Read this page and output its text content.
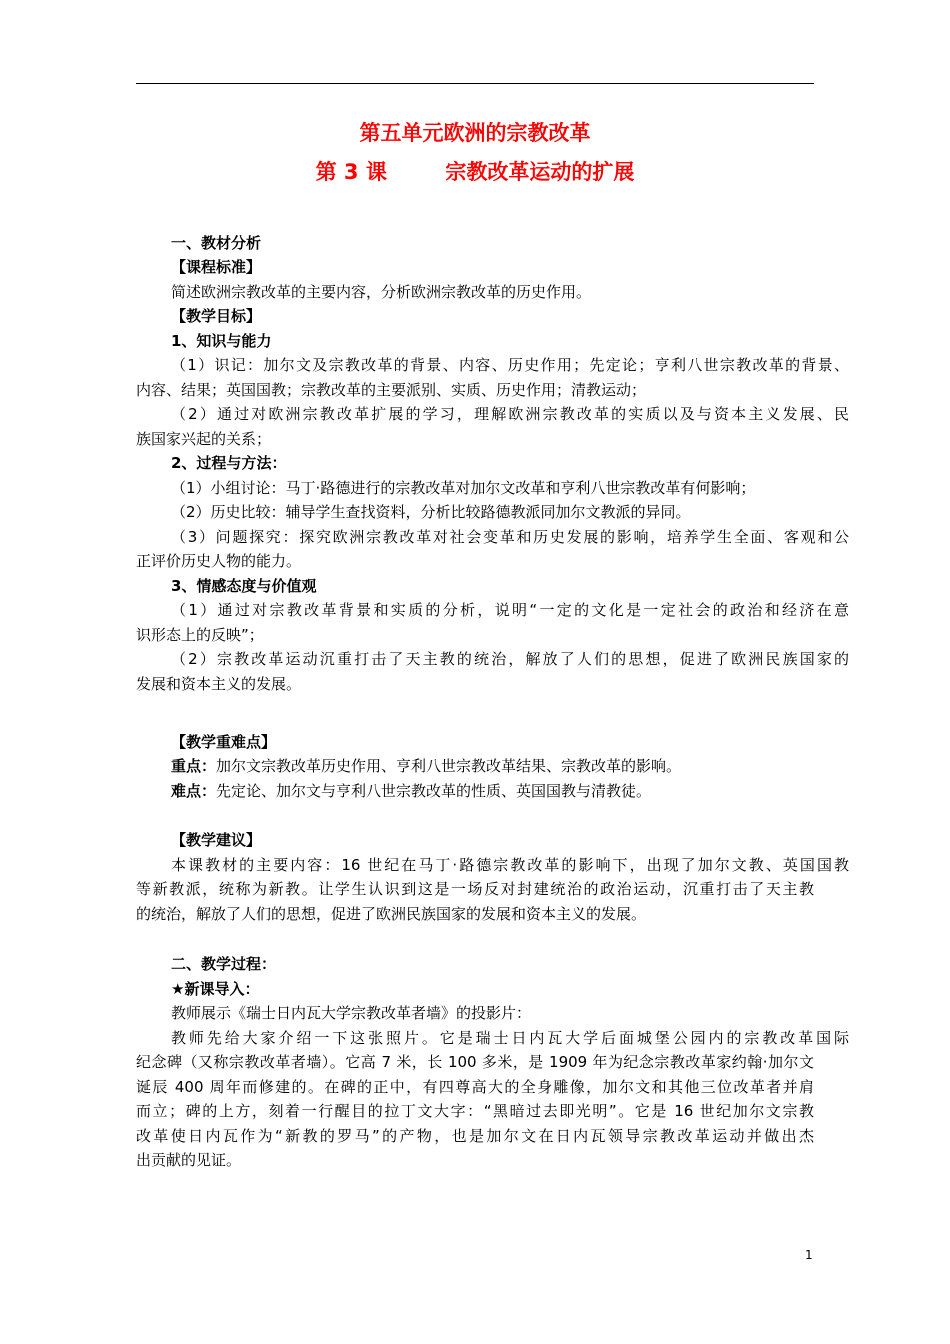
第五单元欧洲的宗教改革
第 3 课        宗教改革运动的扩展
一、教材分析
【课程标准】
简述欧洲宗教改革的主要内容，分析欧洲宗教改革的历史作用。
【教学目标】
1、知识与能力
（1）识记：加尔文及宗教改革的背景、内容、历史作用；先定论；亨利八世宗教改革的背景、
内容、结果；英国国教；宗教改革的主要派别、实质、历史作用；清教运动；
（2）通过对欧洲宗教改革扩展的学习，理解欧洲宗教改革的实质以及与资本主义发展、民
族国家兴起的关系；
2、过程与方法：
（1）小组讨论：马丁·路德进行的宗教改革对加尔文改革和亨利八世宗教改革有何影响；
（2）历史比较：辅导学生查找资料，分析比较路德教派同加尔文教派的异同。
（3）问题探究：探究欧洲宗教改革对社会变革和历史发展的影响，培养学生全面、客观和公
正评价历史人物的能力。
3、情感态度与价值观
（1）通过对宗教改革背景和实质的分析，说明“一定的文化是一定社会的政治和经济在意
识形态上的反映”；
（2）宗教改革运动沉重打击了天主教的统治，解放了人们的思想，促进了欧洲民族国家的
发展和资本主义的发展。
【教学重难点】
重点：加尔文宗教改革历史作用、亨利八世宗教改革结果、宗教改革的影响。
难点：先定论、加尔文与亨利八世宗教改革的性质、英国国教与清教徒。
【教学建议】
本课教材的主要内容：16 世纪在马丁·路德宗教改革的影响下，出现了加尔文教、英国国教
等新教派，统称为新教。让学生认识到这是一场反对封建统治的政治运动，沉重打击了天主教
的统治，解放了人们的思想，促进了欧洲民族国家的发展和资本主义的发展。
二、教学过程：
★新课导入：
教师展示《瑞士日内瓦大学宗教改革者墙》的投影片：
教师先给大家介绍一下这张照片。它是瑞士日内瓦大学后面城堡公园内的宗教改革国际
纪念碑（又称宗教改革者墙）。它高 7 米，长 100 多米，是 1909 年为纪念宗教改革家约翰·加尔文
诞辰 400 周年而修建的。在碑的正中，有四尊高大的全身雕像，加尔文和其他三位改革者并肩
而立；碑的上方，刻着一行醒目的拉丁文大字：“黑暗过去即光明”。它是 16 世纪加尔文宗教
改革使日内瓦作为“新教的罗马”的产物，也是加尔文在日内瓦领导宗教改革运动并做出杰
出贡献的见证。
1
